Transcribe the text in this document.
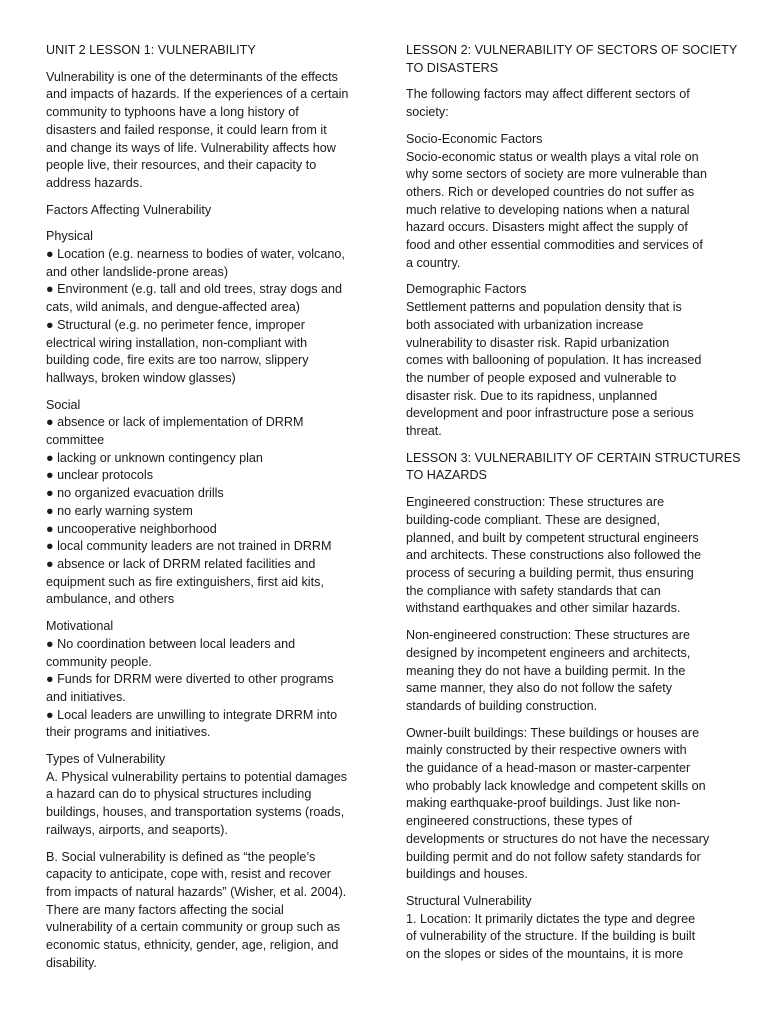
UNIT 2 LESSON 1: VULNERABILITY
Vulnerability is one of the determinants of the effects
and impacts of hazards. If the experiences of a certain
community to typhoons have a long history of
disasters and failed response, it could learn from it
and change its ways of life. Vulnerability affects how
people live, their resources, and their capacity to
address hazards.
Factors Affecting Vulnerability
Physical
● Location (e.g. nearness to bodies of water, volcano,
and other landslide-prone areas)
● Environment (e.g. tall and old trees, stray dogs and
cats, wild animals, and dengue-affected area)
● Structural (e.g. no perimeter fence, improper
electrical wiring installation, non-compliant with
building code, fire exits are too narrow, slippery
hallways, broken window glasses)
Social
● absence or lack of implementation of DRRM
committee
● lacking or unknown contingency plan
● unclear protocols
● no organized evacuation drills
● no early warning system
● uncooperative neighborhood
● local community leaders are not trained in DRRM
● absence or lack of DRRM related facilities and
equipment such as fire extinguishers, first aid kits,
ambulance, and others
Motivational
● No coordination between local leaders and
community people.
● Funds for DRRM were diverted to other programs
and initiatives.
● Local leaders are unwilling to integrate DRRM into
their programs and initiatives.
Types of Vulnerability
A. Physical vulnerability pertains to potential damages
a hazard can do to physical structures including
buildings, houses, and transportation systems (roads,
railways, airports, and seaports).
B. Social vulnerability is defined as “the people’s
capacity to anticipate, cope with, resist and recover
from impacts of natural hazards” (Wisher, et al. 2004).
There are many factors affecting the social
vulnerability of a certain community or group such as
economic status, ethnicity, gender, age, religion, and
disability.
LESSON 2: VULNERABILITY OF SECTORS OF SOCIETY
TO DISASTERS
The following factors may affect different sectors of
society:
Socio-Economic Factors
Socio-economic status or wealth plays a vital role on
why some sectors of society are more vulnerable than
others. Rich or developed countries do not suffer as
much relative to developing nations when a natural
hazard occurs. Disasters might affect the supply of
food and other essential commodities and services of
a country.
Demographic Factors
Settlement patterns and population density that is
both associated with urbanization increase
vulnerability to disaster risk. Rapid urbanization
comes with ballooning of population. It has increased
the number of people exposed and vulnerable to
disaster risk. Due to its rapidness, unplanned
development and poor infrastructure pose a serious
threat.
LESSON 3: VULNERABILITY OF CERTAIN STRUCTURES
TO HAZARDS
Engineered construction: These structures are
building-code compliant. These are designed,
planned, and built by competent structural engineers
and architects. These constructions also followed the
process of securing a building permit, thus ensuring
the compliance with safety standards that can
withstand earthquakes and other similar hazards.
Non-engineered construction: These structures are
designed by incompetent engineers and architects,
meaning they do not have a building permit. In the
same manner, they also do not follow the safety
standards of building construction.
Owner-built buildings: These buildings or houses are
mainly constructed by their respective owners with
the guidance of a head-mason or master-carpenter
who probably lack knowledge and competent skills on
making earthquake-proof buildings. Just like non-
engineered constructions, these types of
developments or structures do not have the necessary
building permit and do not follow safety standards for
buildings and houses.
Structural Vulnerability
1. Location: It primarily dictates the type and degree
of vulnerability of the structure. If the building is built
on the slopes or sides of the mountains, it is more
